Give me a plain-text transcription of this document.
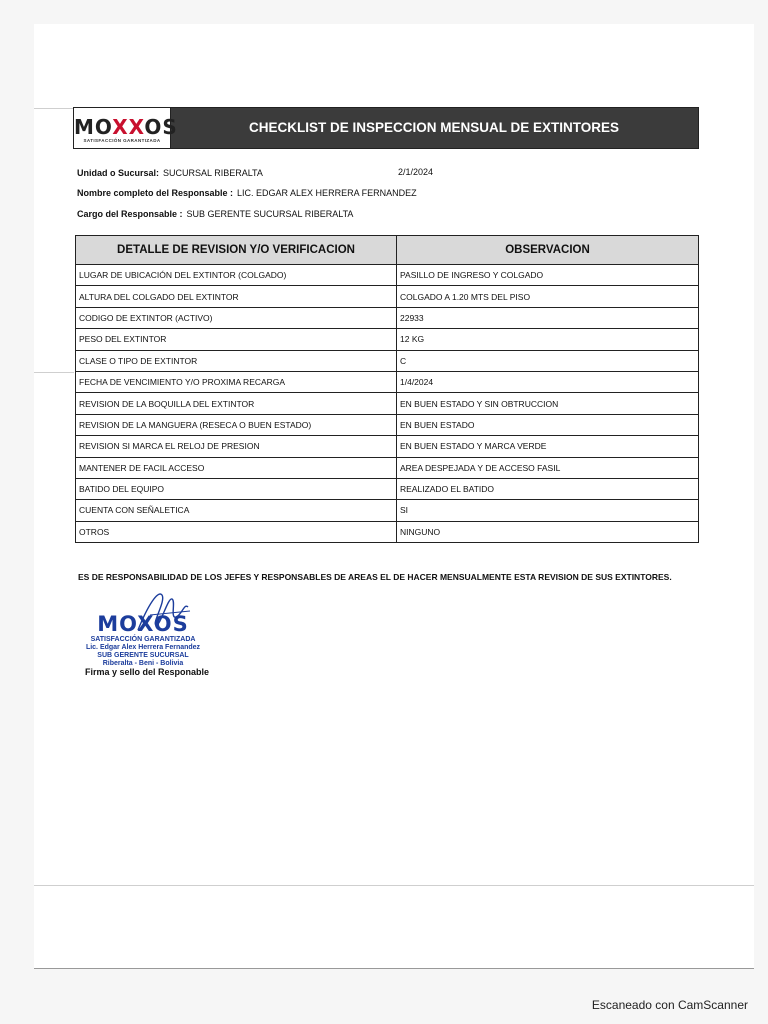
MOXXOS
SATISFACCIÓN GARANTIZADA
CHECKLIST DE INSPECCION MENSUAL DE EXTINTORES
Unidad o Sucursal: SUCURSAL RIBERALTA	2/1/2024
Nombre completo del Responsable : LIC. EDGAR ALEX HERRERA FERNANDEZ
Cargo del Responsable : SUB GERENTE SUCURSAL RIBERALTA
DETALLE DE REVISION Y/O VERIFICACION	OBSERVACION
LUGAR DE UBICACIÓN DEL EXTINTOR (COLGADO)	PASILLO DE INGRESO Y COLGADO
ALTURA DEL COLGADO DEL EXTINTOR	COLGADO A 1.20 MTS DEL PISO
CODIGO DE EXTINTOR (ACTIVO)	22933
PESO DEL EXTINTOR	12 KG
CLASE O TIPO DE EXTINTOR	C
FECHA DE VENCIMIENTO Y/O PROXIMA RECARGA	1/4/2024
REVISION DE LA BOQUILLA DEL EXTINTOR	EN BUEN ESTADO Y SIN OBTRUCCION
REVISION DE LA MANGUERA (RESECA O BUEN ESTADO)	EN BUEN ESTADO
REVISION SI MARCA EL RELOJ DE PRESION	EN BUEN ESTADO Y MARCA VERDE
MANTENER DE FACIL ACCESO	AREA DESPEJADA Y DE ACCESO FASIL
BATIDO DEL EQUIPO	REALIZADO EL BATIDO
CUENTA CON SEÑALETICA	SI
OTROS	NINGUNO
ES DE RESPONSABILIDAD DE LOS JEFES Y RESPONSABLES DE AREAS EL DE HACER MENSUALMENTE ESTA REVISION DE SUS EXTINTORES.
MOXOS
SATISFACCIÓN GARANTIZADA
Lic. Edgar Alex Herrera Fernandez
SUB GERENTE SUCURSAL
Riberalta - Beni - Bolivia
Firma y sello del Responable
Escaneado con CamScanner
